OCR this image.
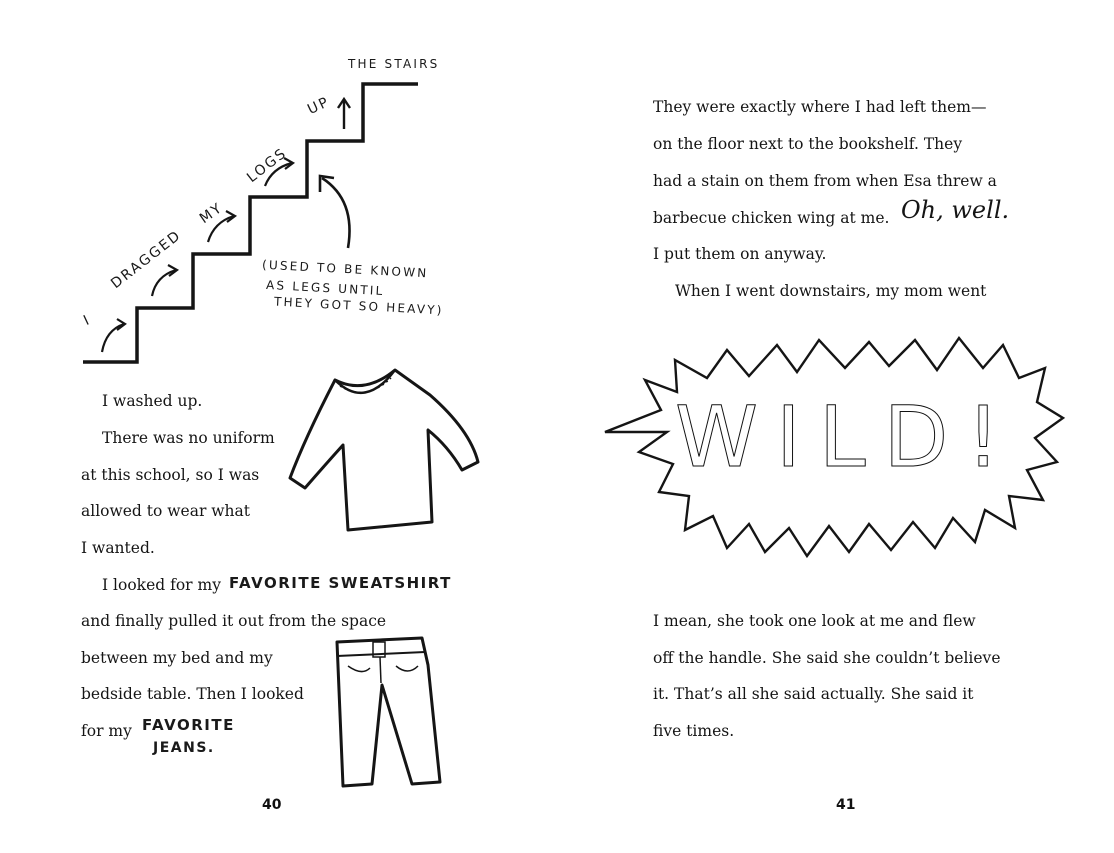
I
DRAGGED
MY
LOGS
UP
THE STAIRS
(USED TO BE KNOWN
AS LEGS UNTIL
THEY GOT SO HEAVY)
I washed up.
There was no uniform
at this school, so I was
allowed to wear what
I wanted.
I looked for my FAVORITE SWEATSHIRT
and finally pulled it out from the space
between my bed and my
bedside table. Then I looked
for my FAVORITE
JEANS.
40
They were exactly where I had left them—
on the floor next to the bookshelf. They
had a stain on them from when Esa threw a
barbecue chicken wing at me. Oh, well.
I put them on anyway.
When I went downstairs, my mom went
WILD!
I mean, she took one look at me and flew
off the handle. She said she couldn’t believe
it. That’s all she said actually. She said it
five times.
41
